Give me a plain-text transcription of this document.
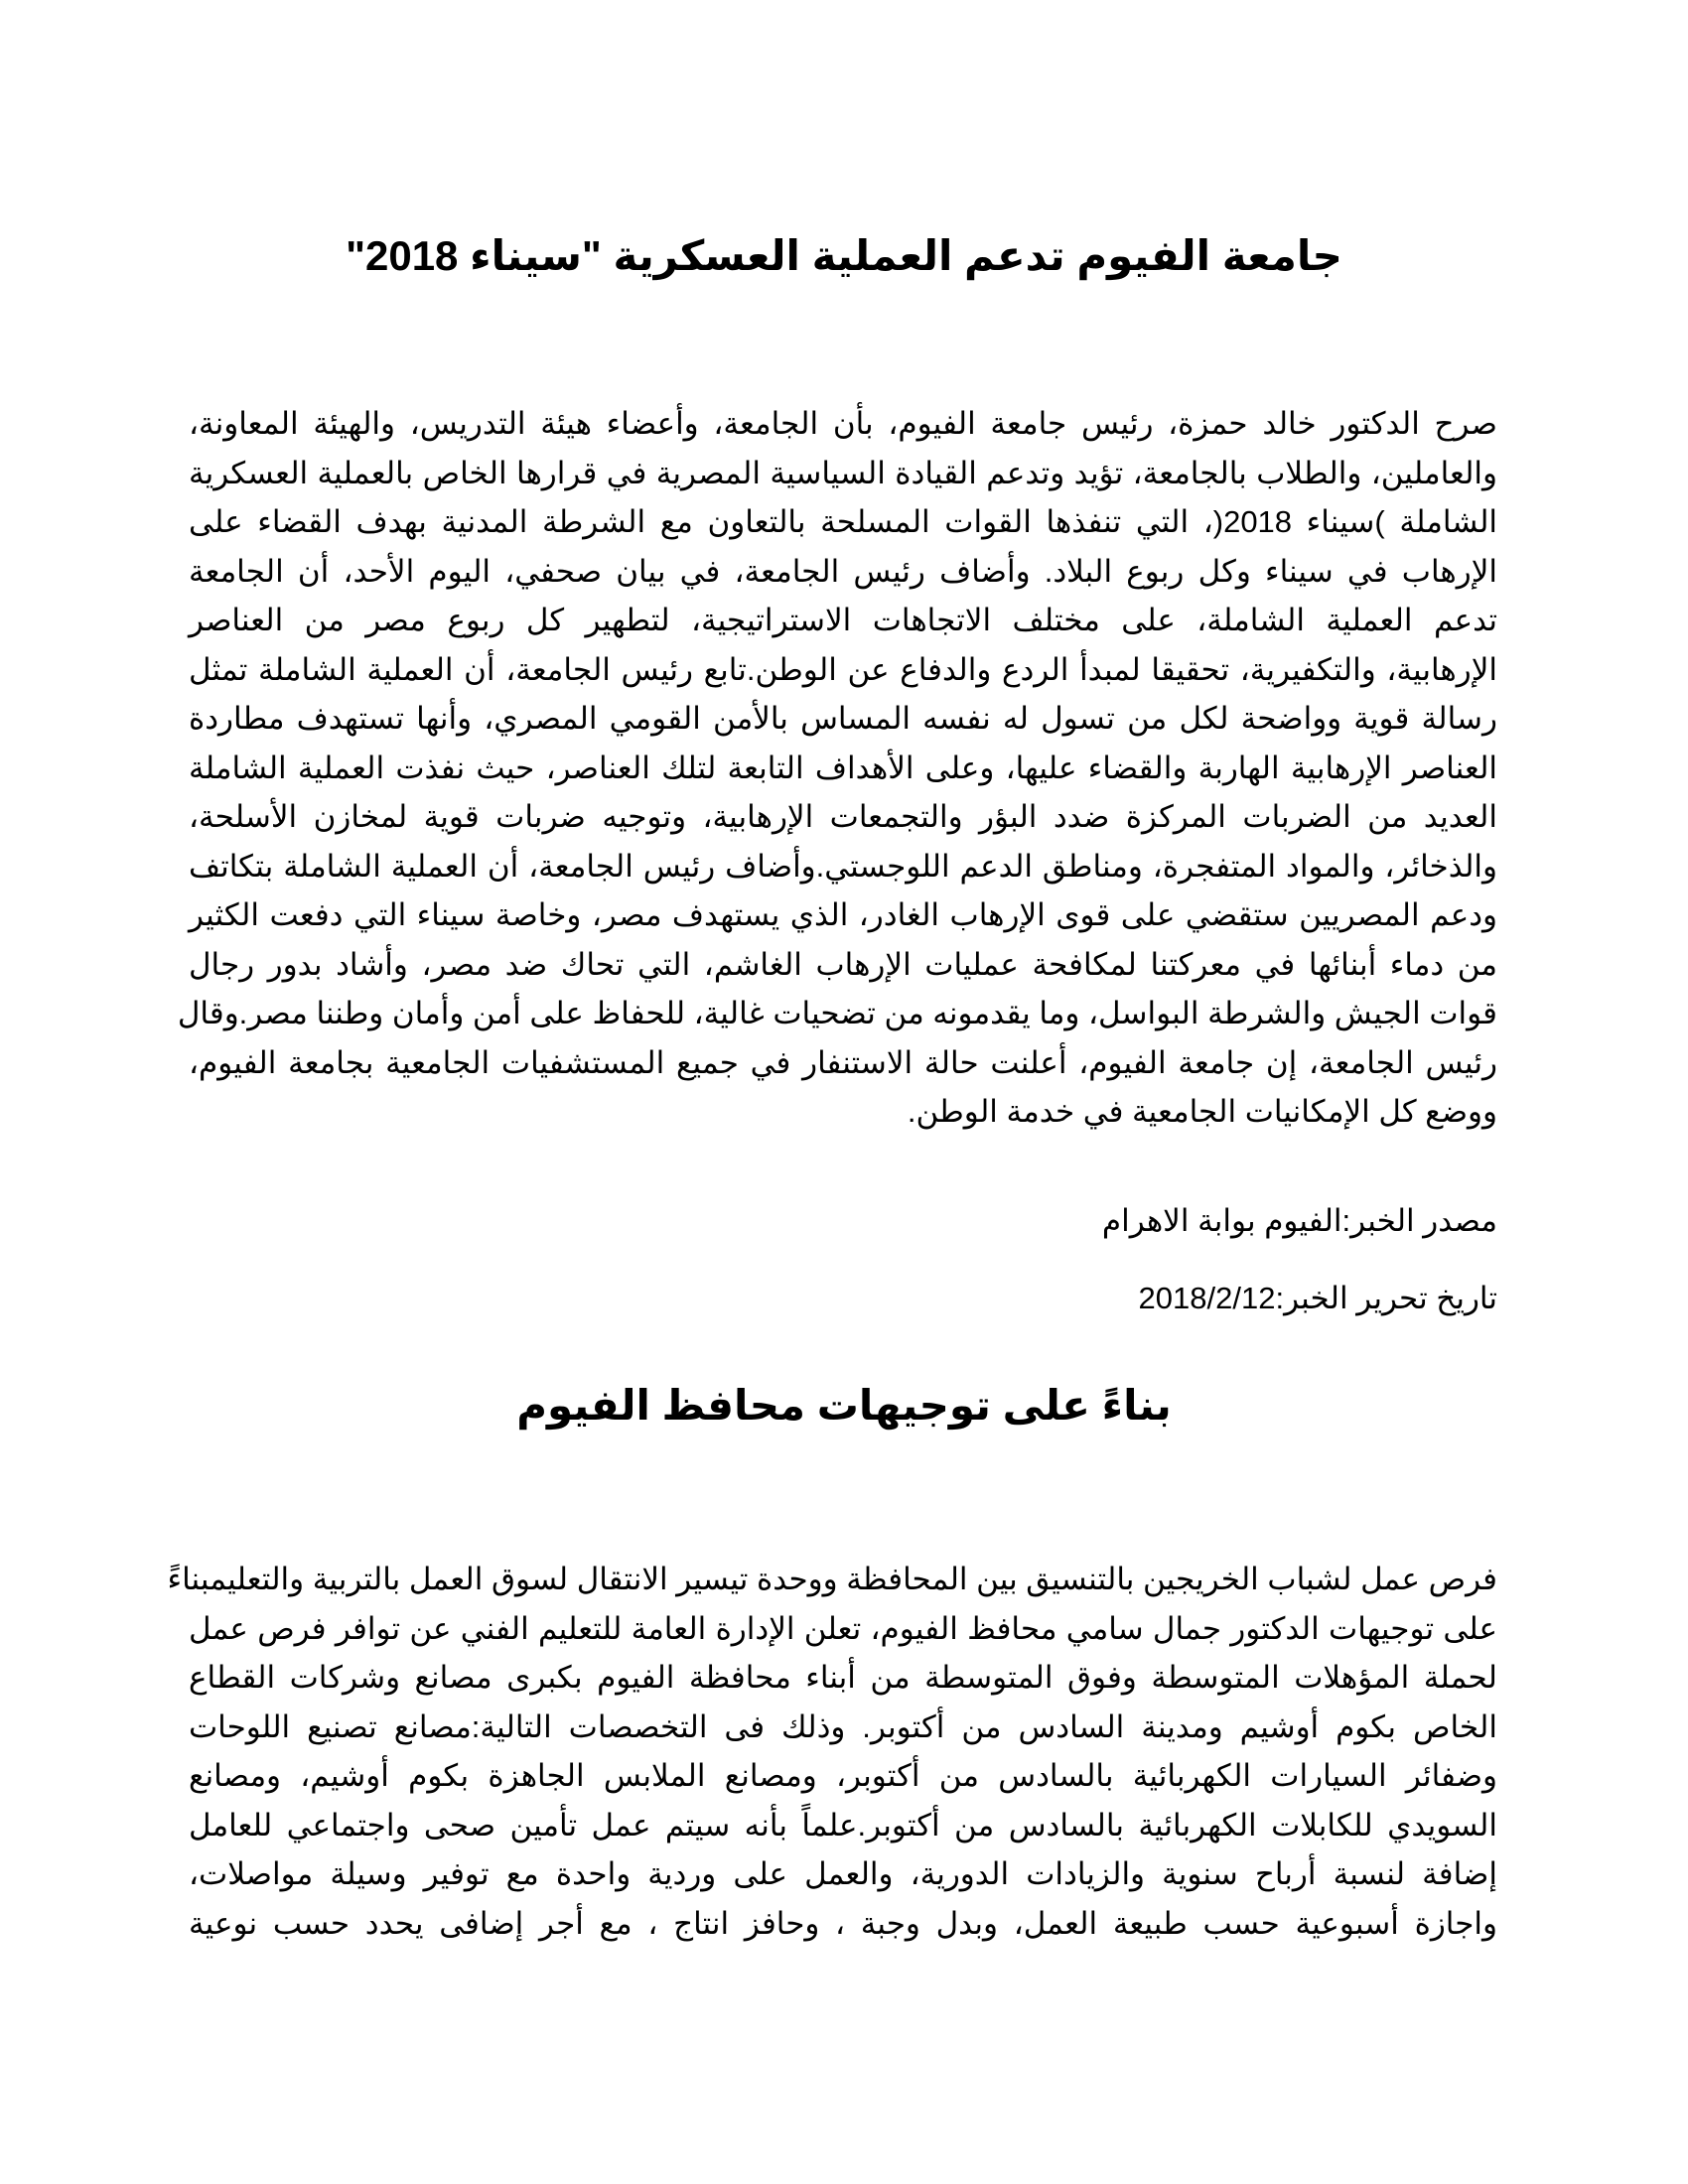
جامعة الفيوم تدعم العملية العسكرية "سيناء 2018"
صرح الدكتور خالد حمزة، رئيس جامعة الفيوم، بأن الجامعة، وأعضاء هيئة التدريس، والهيئة المعاونة،
والعاملين، والطلاب بالجامعة، تؤيد وتدعم القيادة السياسية المصرية في قرارها الخاص بالعملية العسكرية
الشاملة )سيناء 2018(، التي تنفذها القوات المسلحة بالتعاون مع الشرطة المدنية بهدف القضاء على
الإرهاب في سيناء وكل ربوع البلاد. وأضاف رئيس الجامعة، في بيان صحفي، اليوم الأحد، أن الجامعة
تدعم العملية الشاملة، على مختلف الاتجاهات الاستراتيجية، لتطهير كل ربوع مصر من العناصر
الإرهابية، والتكفيرية، تحقيقا لمبدأ الردع والدفاع عن الوطن.تابع رئيس الجامعة، أن العملية الشاملة تمثل
رسالة قوية وواضحة لكل من تسول له نفسه المساس بالأمن القومي المصري، وأنها تستهدف مطاردة
العناصر الإرهابية الهاربة والقضاء عليها، وعلى الأهداف التابعة لتلك العناصر، حيث نفذت العملية الشاملة
العديد من الضربات المركزة ضدد البؤر والتجمعات الإرهابية، وتوجيه ضربات قوية لمخازن الأسلحة،
والذخائر، والمواد المتفجرة، ومناطق الدعم اللوجستي.وأضاف رئيس الجامعة، أن العملية الشاملة بتكاتف
ودعم المصريين ستقضي على قوى الإرهاب الغادر، الذي يستهدف مصر، وخاصة سيناء التي دفعت الكثير
من دماء أبنائها في معركتنا لمكافحة عمليات الإرهاب الغاشم، التي تحاك ضد مصر، وأشاد بدور رجال
قوات الجيش والشرطة البواسل، وما يقدمونه من تضحيات غالية، للحفاظ على أمن وأمان وطننا مصر.وقال
رئيس الجامعة، إن جامعة الفيوم، أعلنت حالة الاستنفار في جميع المستشفيات الجامعية بجامعة الفيوم،
ووضع كل الإمكانيات الجامعية في خدمة الوطن.
مصدر الخبر:الفيوم بوابة الاهرام
تاريخ تحرير الخبر:2018/2/12
بناءً على توجيهات محافظ الفيوم
فرص عمل لشباب الخريجين بالتنسيق بين المحافظة ووحدة تيسير الانتقال لسوق العمل بالتربية والتعليمبناءً
على توجيهات الدكتور جمال سامي محافظ الفيوم، تعلن الإدارة العامة للتعليم الفني عن توافر فرص عمل
لحملة المؤهلات المتوسطة وفوق المتوسطة من أبناء محافظة الفيوم بكبرى مصانع وشركات القطاع
الخاص بكوم أوشيم ومدينة السادس من أكتوبر. وذلك فى التخصصات التالية:مصانع تصنيع اللوحات
وضفائر السيارات الكهربائية بالسادس من أكتوبر، ومصانع الملابس الجاهزة بكوم أوشيم، ومصانع
السويدي للكابلات الكهربائية بالسادس من أكتوبر.علماً بأنه سيتم عمل تأمين صحى واجتماعي للعامل
إضافة لنسبة أرباح سنوية والزيادات الدورية، والعمل على وردية واحدة مع توفير وسيلة مواصلات،
واجازة أسبوعية حسب طبيعة العمل، وبدل وجبة ، وحافز انتاج ، مع أجر إضافى يحدد حسب نوعية
